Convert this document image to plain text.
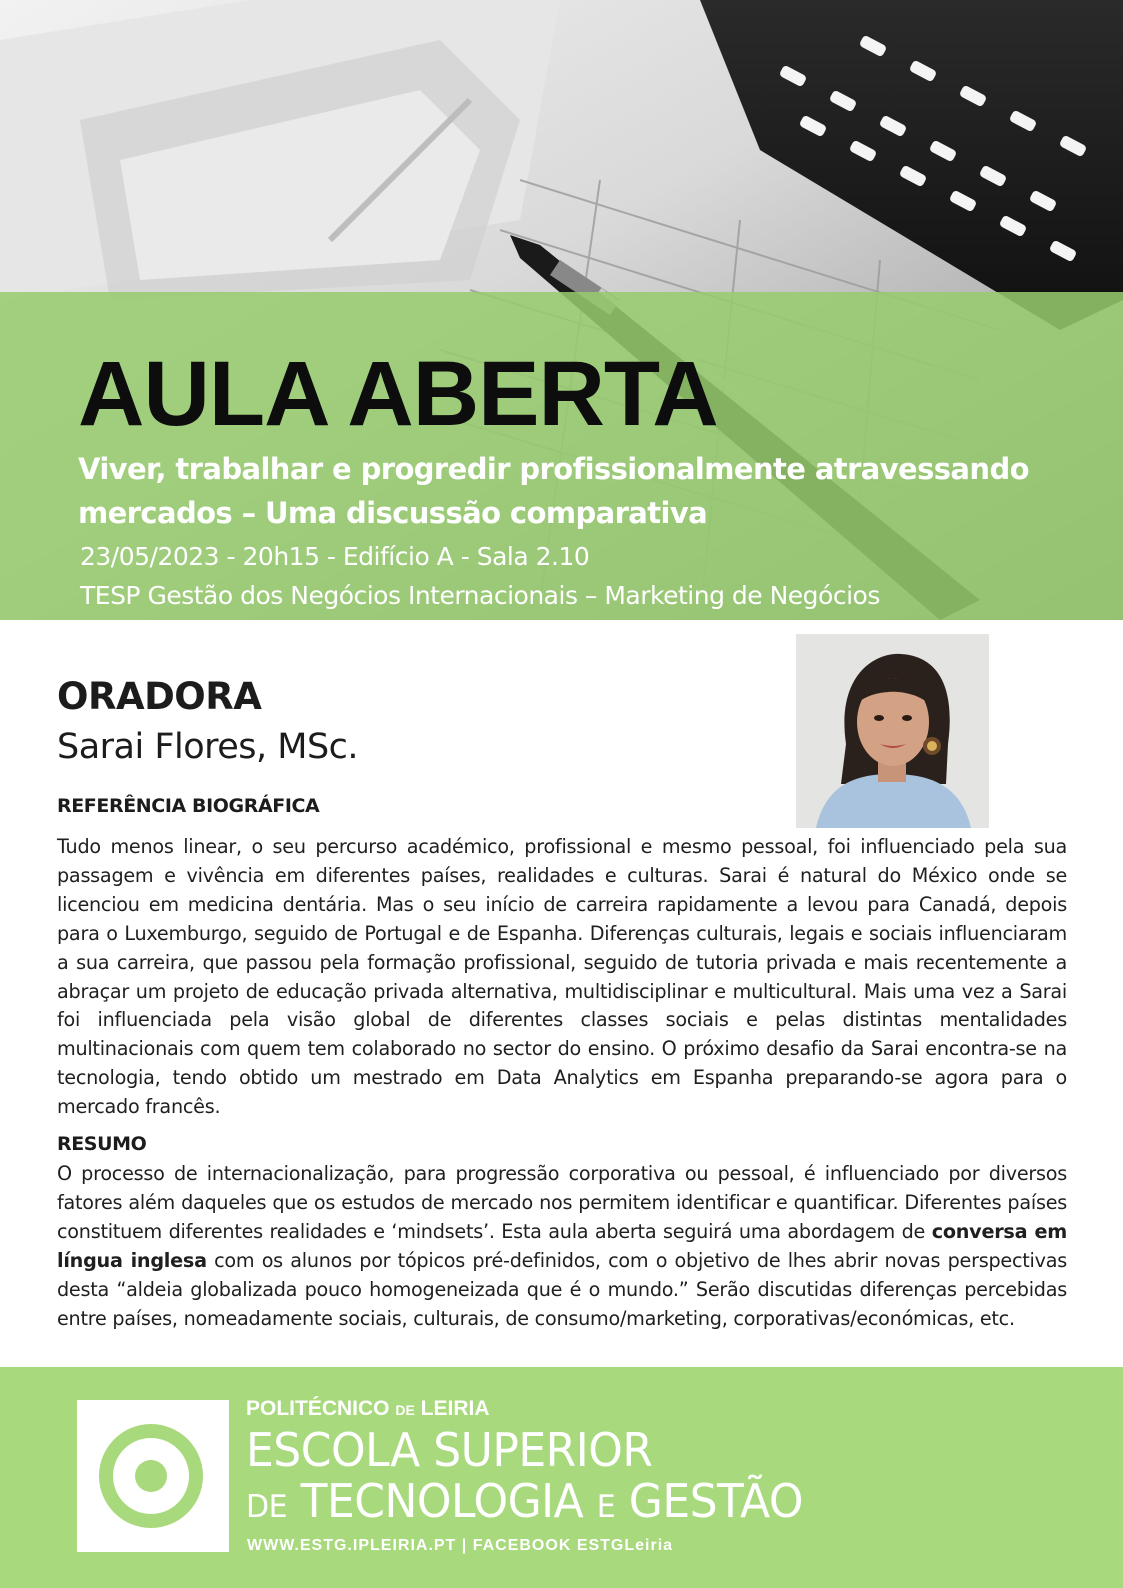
AULA ABERTA
Viver, trabalhar e progredir profissionalmente atravessando
mercados – Uma discussão comparativa
23/05/2023 - 20h15 - Edifício A - Sala 2.10
TESP Gestão dos Negócios Internacionais – Marketing de Negócios
ORADORA
Sarai Flores, MSc.
REFERÊNCIA BIOGRÁFICA
Tudo menos linear, o seu percurso académico, profissional e mesmo pessoal, foi influenciado pela sua passagem e vivência em diferentes países, realidades e culturas. Sarai é natural do México onde se licenciou em medicina dentária. Mas o seu início de carreira rapidamente a levou para Canadá, depois para o Luxemburgo, seguido de Portugal e de Espanha. Diferenças culturais, legais e sociais influenciaram a sua carreira, que passou pela formação profissional, seguido de tutoria privada e mais recentemente a abraçar um projeto de educação privada alternativa, multidisciplinar e multicultural. Mais uma vez a Sarai foi influenciada pela visão global de diferentes classes sociais e pelas distintas mentalidades multinacionais com quem tem colaborado no sector do ensino. O próximo desafio da Sarai encontra-se na tecnologia, tendo obtido um mestrado em Data Analytics em Espanha preparando-se agora para o mercado francês.
RESUMO
O processo de internacionalização, para progressão corporativa ou pessoal, é influenciado por diversos fatores além daqueles que os estudos de mercado nos permitem identificar e quantificar. Diferentes países constituem diferentes realidades e ‘mindsets’. Esta aula aberta seguirá uma abordagem de conversa em língua inglesa com os alunos por tópicos pré-definidos, com o objetivo de lhes abrir novas perspectivas desta “aldeia globalizada pouco homogeneizada que é o mundo.” Serão discutidas diferenças percebidas entre países, nomeadamente sociais, culturais, de consumo/marketing, corporativas/económicas, etc.
POLITÉCNICO DE LEIRIA
ESCOLA SUPERIOR
DE TECNOLOGIA E GESTÃO
WWW.ESTG.IPLEIRIA.PT | FACEBOOK ESTGLeiria
